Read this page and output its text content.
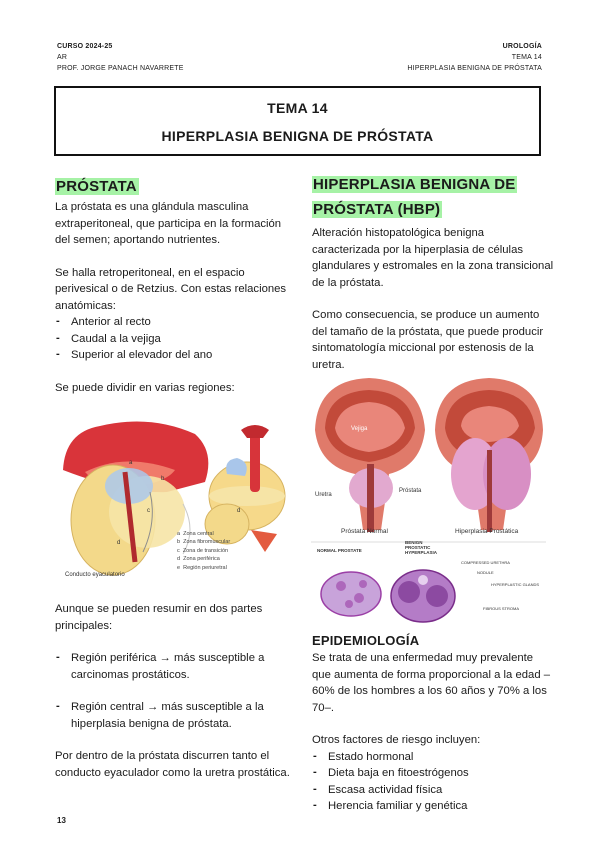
CURSO 2024-25
AR
PROF. JORGE PANACH NAVARRETE
UROLOGÍA
TEMA 14
HIPERPLASIA BENIGNA DE PRÓSTATA
TEMA 14
HIPERPLASIA BENIGNA DE PRÓSTATA
PRÓSTATA

La próstata es una glándula masculina extraperitoneal, que participa en la formación del semen; aportando nutrientes.

Se halla retroperitoneal, en el espacio perivesical o de Retzius. Con estas relaciones anatómicas:

- Anterior al recto
- Caudal a la vejiga
- Superior al elevador del ano

Se puede dividir en varias regiones:

a
b
c
d
d
a Zona central
b Zona fibromuscular
c Zona de transición
d Zona periférica
e Región periuretral
Conducto eyaculatorio

Aunque se pueden resumir en dos partes principales:

- Región periférica → más susceptible a carcinomas prostáticos.
- Región central → más susceptible a la hiperplasia benigna de próstata.

Por dentro de la próstata discurren tanto el conducto eyaculador como la uretra prostática.

HIPERPLASIA BENIGNA DE PRÓSTATA (HBP)

Alteración histopatológica benigna caracterizada por la hiperplasia de células glandulares y estromales en la zona transicional de la próstata.

Como consecuencia, se produce un aumento del tamaño de la próstata, que puede producir sintomatología miccional por estenosis de la uretra.

Vejiga
Uretra
Próstata
Próstata Normal	Hiperplasia Prostática
NORMAL PROSTATE
BENIGN PROSTATIC HYPERPLASIA
COMPRESSED URETHRA
NODULE
HYPERPLASTIC GLANDS
FIBROUS STROMA
EPIDEMIOLOGÍA

Se trata de una enfermedad muy prevalente que aumenta de forma proporcional a la edad –60% de los hombres a los 60 años y 70% a los 70–.

Otros factores de riesgo incluyen:

- Estado hormonal
- Dieta baja en fitoestrógenos
- Escasa actividad física
- Herencia familiar y genética
13
